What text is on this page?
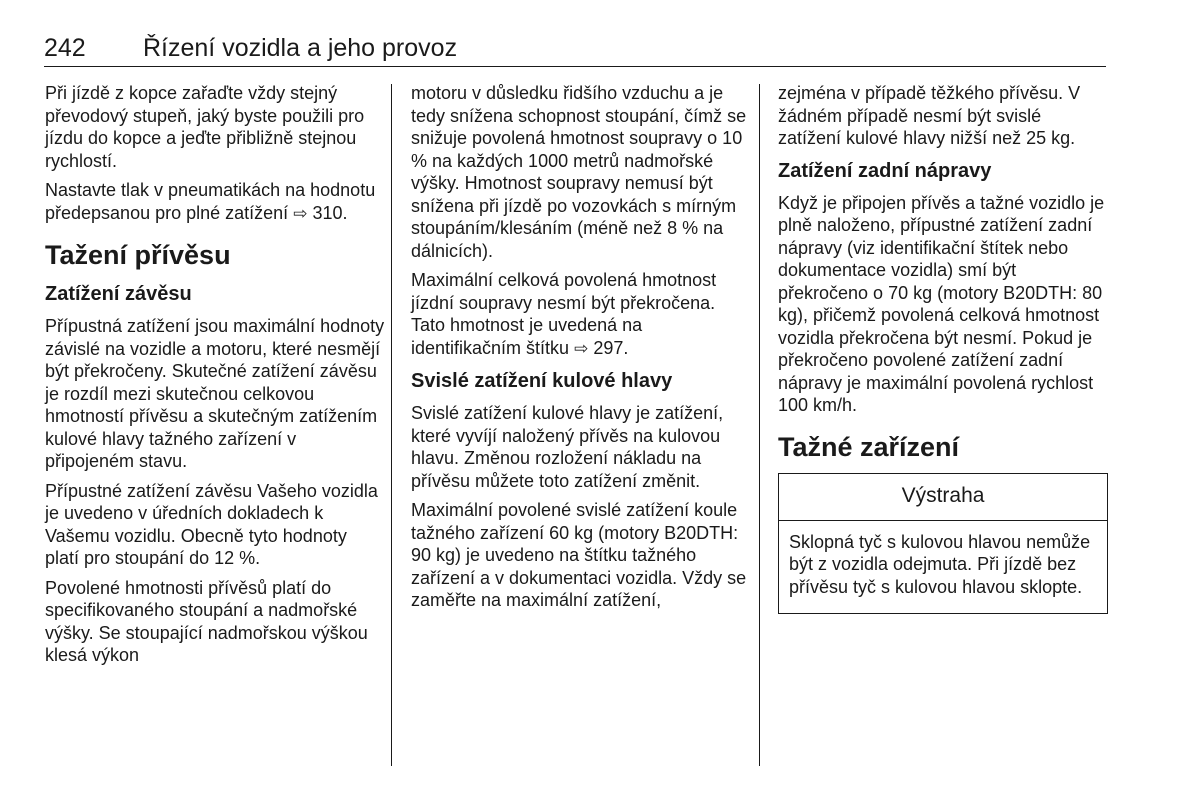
242 Řízení vozidla a jeho provoz

Při jízdě z kopce zařaďte vždy stejný převodový stupeň, jaký byste použili pro jízdu do kopce a jeďte přibližně stejnou rychlostí.

Nastavte tlak v pneumatikách na hodnotu předepsanou pro plné zatížení ⇨ 310.

Tažení přívěsu
Zatížení závěsu

Přípustná zatížení jsou maximální hodnoty závislé na vozidle a motoru, které nesmějí být překročeny. Skutečné zatížení závěsu je rozdíl mezi skutečnou celkovou hmotností přívěsu a skutečným zatížením kulové hlavy tažného zařízení v připojeném stavu.

Přípustné zatížení závěsu Vašeho vozidla je uvedeno v úředních dokladech k Vašemu vozidlu. Obecně tyto hodnoty platí pro stoupání do 12 %.

Povolené hmotnosti přívěsů platí do specifikovaného stoupání a nadmořské výšky. Se stoupající nadmořskou výškou klesá výkon

motoru v důsledku řidšího vzduchu a je tedy snížena schopnost stoupání, čímž se snižuje povolená hmotnost soupravy o 10 % na každých 1000 metrů nadmořské výšky. Hmotnost soupravy nemusí být snížena při jízdě po vozovkách s mírným stoupáním/klesáním (méně než 8 % na dálnicích).

Maximální celková povolená hmotnost jízdní soupravy nesmí být překročena. Tato hmotnost je uvedená na identifikačním štítku ⇨ 297.

Svislé zatížení kulové hlavy

Svislé zatížení kulové hlavy je zatížení, které vyvíjí naložený přívěs na kulovou hlavu. Změnou rozložení nákladu na přívěsu můžete toto zatížení změnit.

Maximální povolené svislé zatížení koule tažného zařízení 60 kg (motory B20DTH: 90 kg) je uvedeno na štítku tažného zařízení a v dokumentaci vozidla. Vždy se zaměřte na maximální zatížení,

zejména v případě těžkého přívěsu. V žádném případě nesmí být svislé zatížení kulové hlavy nižší než 25 kg.

Zatížení zadní nápravy

Když je připojen přívěs a tažné vozidlo je plně naloženo, přípustné zatížení zadní nápravy (viz identifikační štítek nebo dokumentace vozidla) smí být překročeno o 70 kg (motory B20DTH: 80 kg), přičemž povolená celková hmotnost vozidla překročena být nesmí. Pokud je překročeno povolené zatížení zadní nápravy je maximální povolená rychlost 100 km/h.

Tažné zařízení
Výstraha

Sklopná tyč s kulovou hlavou nemůže být z vozidla odejmuta. Při jízdě bez přívěsu tyč s kulovou hlavou sklopte.
